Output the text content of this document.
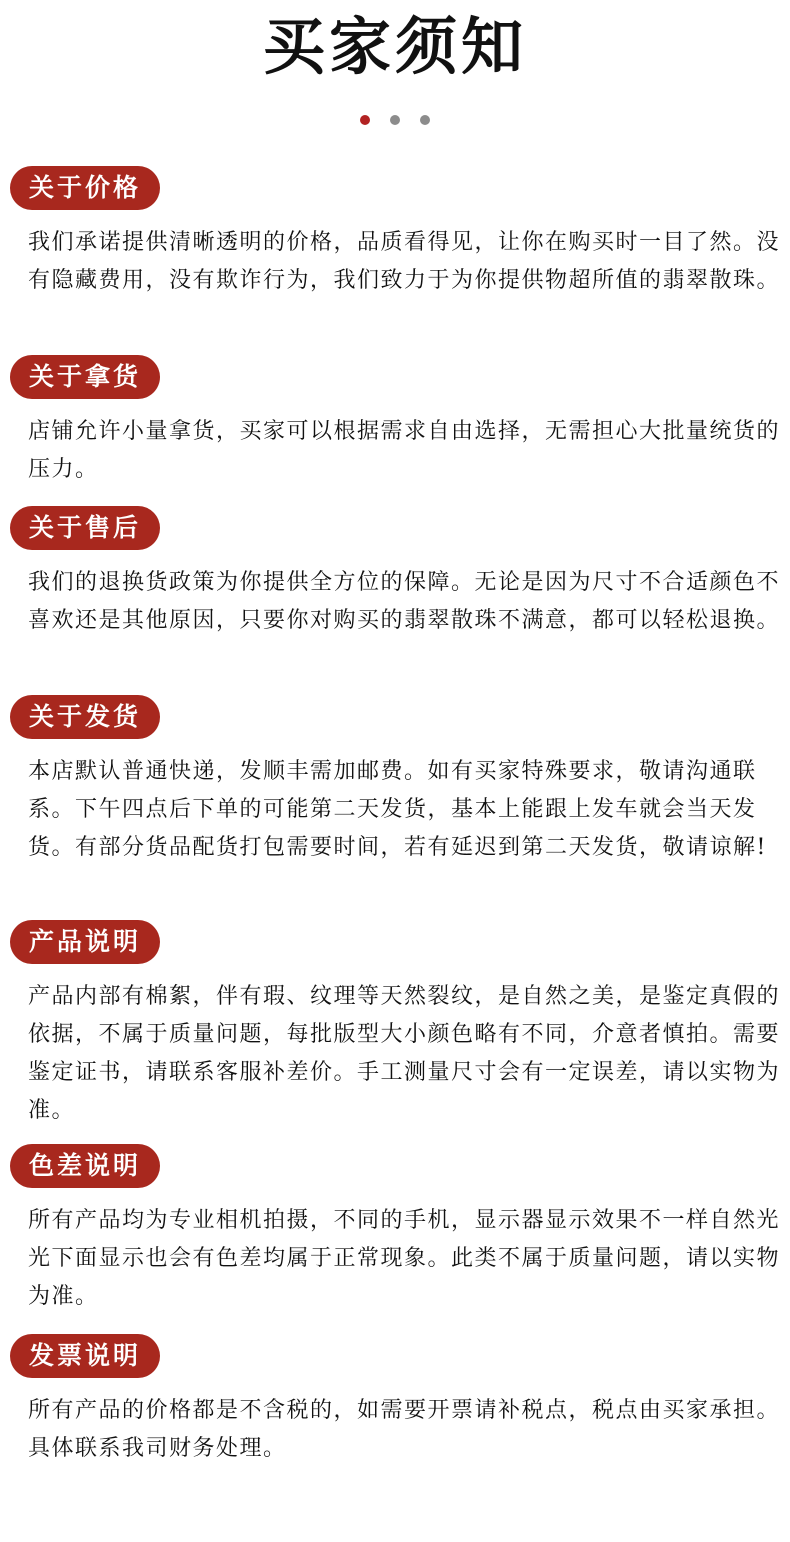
买家须知
关于价格

我们承诺提供清晰透明的价格，品质看得见，让你在购买时一目了然。没有隐藏费用，没有欺诈行为，我们致力于为你提供物超所值的翡翠散珠。

关于拿货

店铺允许小量拿货，买家可以根据需求自由选择，无需担心大批量统货的压力。

关于售后

我们的退换货政策为你提供全方位的保障。无论是因为尺寸不合适颜色不喜欢还是其他原因，只要你对购买的翡翠散珠不满意，都可以轻松退换。

关于发货

本店默认普通快递，发顺丰需加邮费。如有买家特殊要求，敬请沟通联系。下午四点后下单的可能第二天发货，基本上能跟上发车就会当天发货。有部分货品配货打包需要时间，若有延迟到第二天发货，敬请谅解!

产品说明

产品内部有棉絮，伴有瑕、纹理等天然裂纹，是自然之美，是鉴定真假的依据，不属于质量问题，每批版型大小颜色略有不同，介意者慎拍。需要鉴定证书，请联系客服补差价。手工测量尺寸会有一定误差，请以实物为准。

色差说明

所有产品均为专业相机拍摄，不同的手机，显示器显示效果不一样自然光光下面显示也会有色差均属于正常现象。此类不属于质量问题，请以实物为准。

发票说明

所有产品的价格都是不含税的，如需要开票请补税点，税点由买家承担。具体联系我司财务处理。
